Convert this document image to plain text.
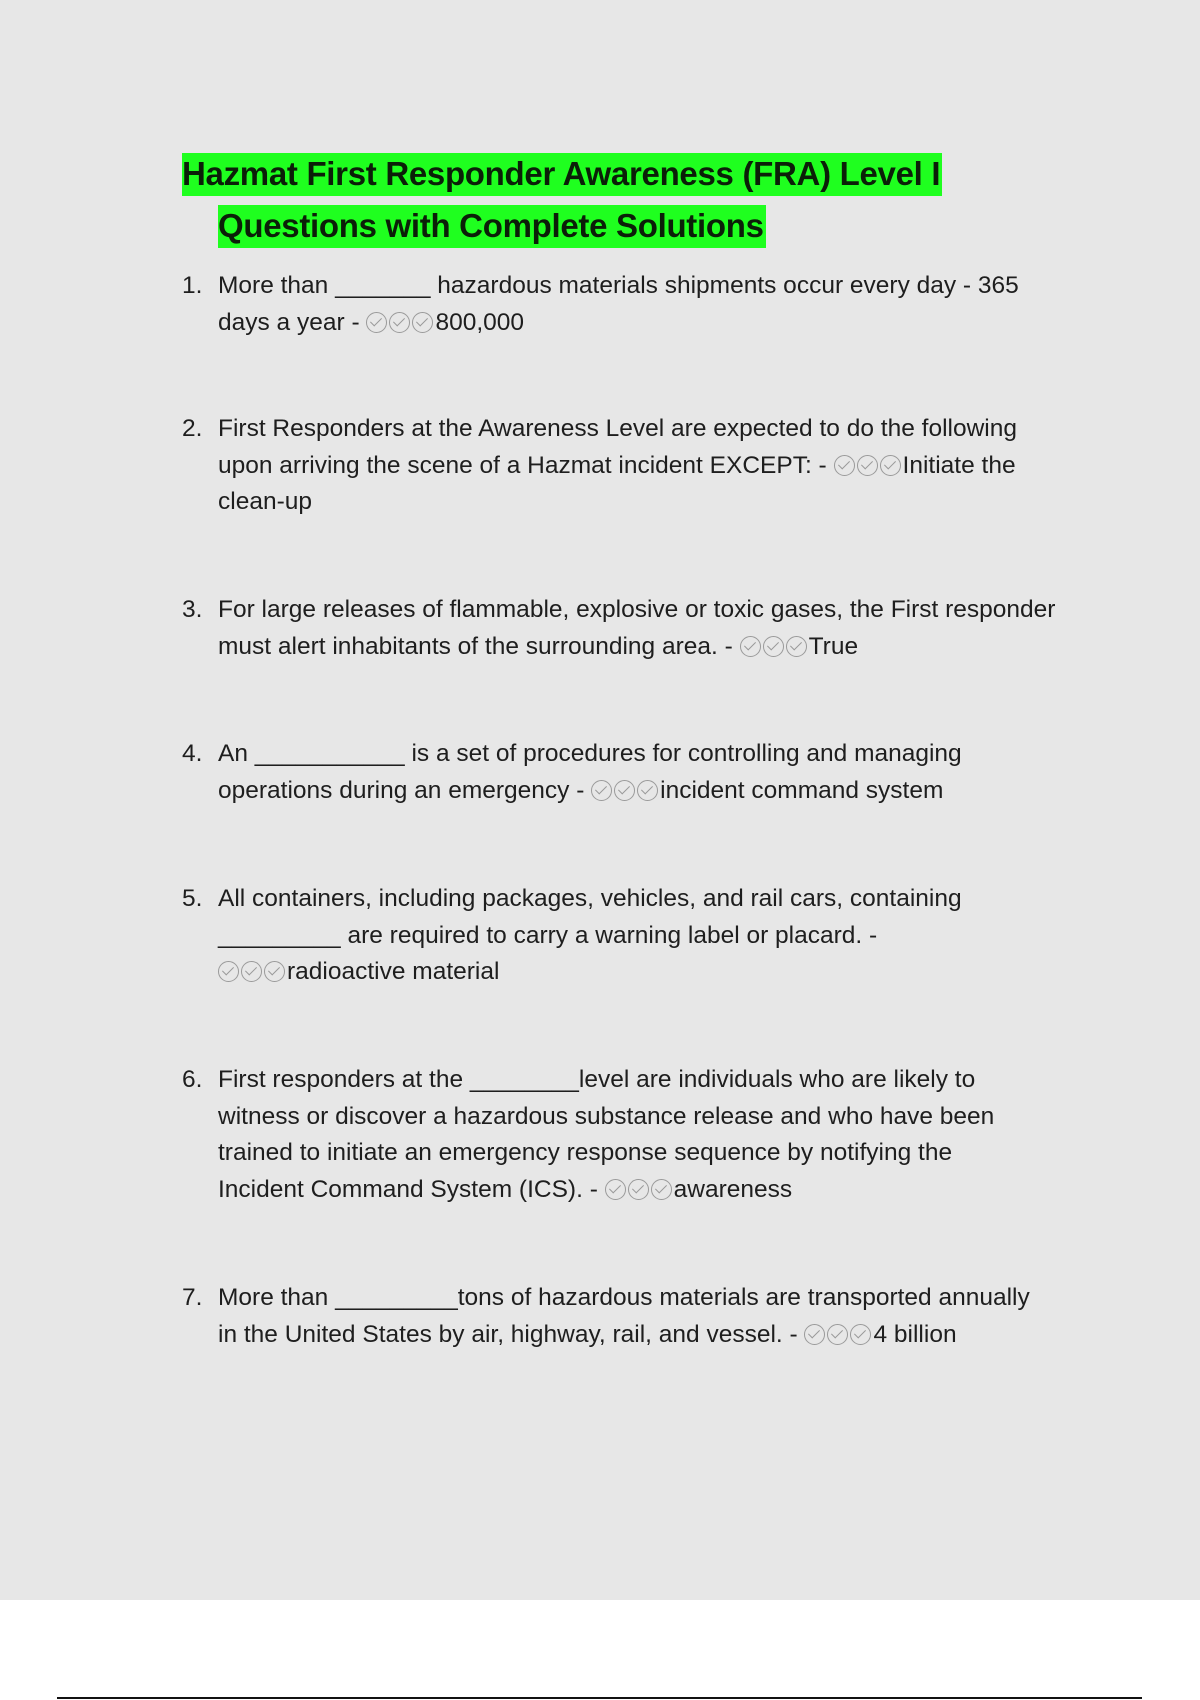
Hazmat First Responder Awareness (FRA) Level I
Questions with Complete Solutions
1. More than _______ hazardous materials shipments occur every day - 365
days a year -	800,000
2. First Responders at the Awareness Level are expected to do the following
upon arriving the scene of a Hazmat incident EXCEPT: -	Initiate the
clean-up
3. For large releases of flammable, explosive or toxic gases, the First responder
must alert inhabitants of the surrounding area. -	True
4. An ___________ is a set of procedures for controlling and managing
operations during an emergency -	incident command system
5. All containers, including packages, vehicles, and rail cars, containing
_________ are required to carry a warning label or placard. -
radioactive material
6. First responders at the ________level are individuals who are likely to
witness or discover a hazardous substance release and who have been
trained to initiate an emergency response sequence by notifying the
Incident Command System (ICS). -	awareness
7. More than _________tons of hazardous materials are transported annually
in the United States by air, highway, rail, and vessel. -	4 billion
